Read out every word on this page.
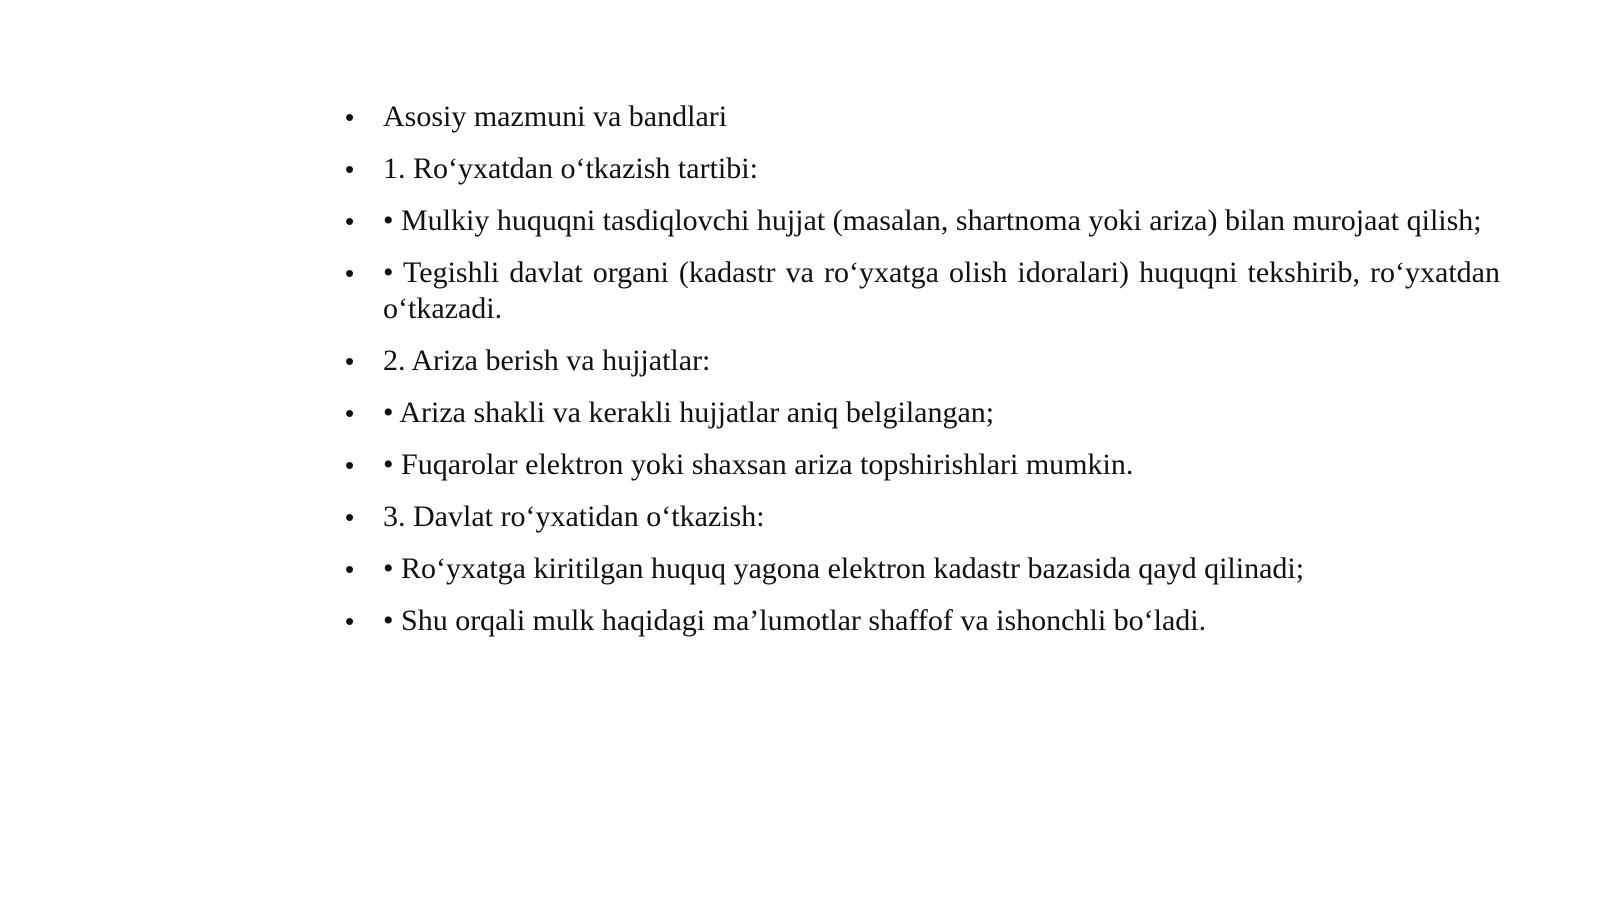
• Asosiy mazmuni va bandlari
• 1. Ro‘yxatdan o‘tkazish tartibi:
• • Mulkiy huquqni tasdiqlovchi hujjat (masalan, shartnoma yoki ariza) bilan murojaat qilish;
• • Tegishli davlat organi (kadastr va ro‘yxatga olish idoralari) huquqni tekshirib, ro‘yxatdan o‘tkazadi.
• 2. Ariza berish va hujjatlar:
• • Ariza shakli va kerakli hujjatlar aniq belgilangan;
• • Fuqarolar elektron yoki shaxsan ariza topshirishlari mumkin.
• 3. Davlat ro‘yxatidan o‘tkazish:
• • Ro‘yxatga kiritilgan huquq yagona elektron kadastr bazasida qayd qilinadi;
• • Shu orqali mulk haqidagi ma’lumotlar shaffof va ishonchli bo‘ladi.
